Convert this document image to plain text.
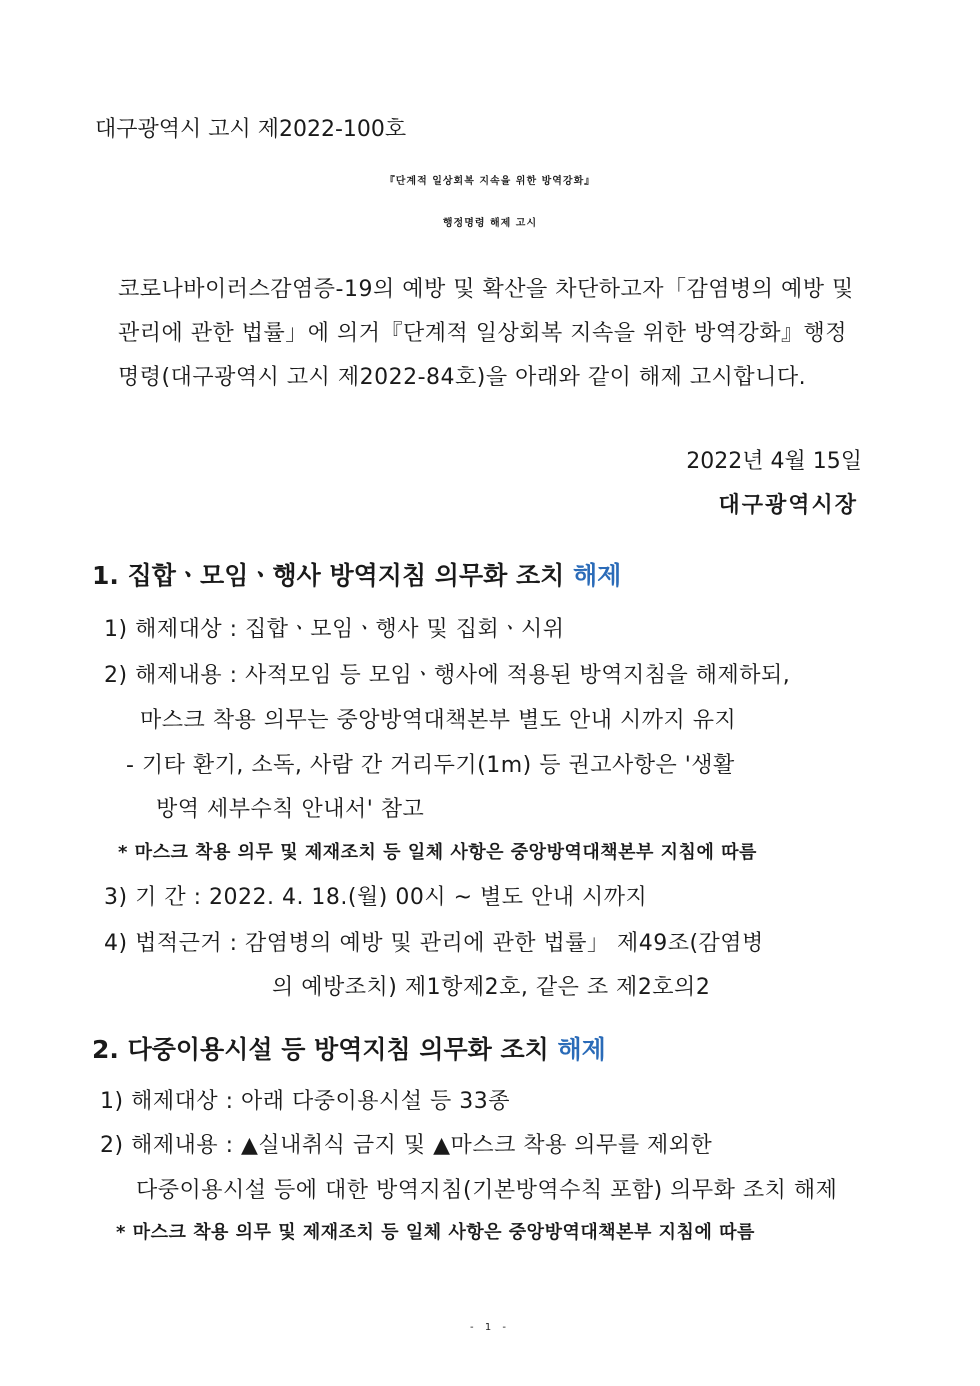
대구광역시 고시 제2022-100호
『단계적 일상회복 지속을 위한 방역강화』
행정명령 해제 고시
코로나바이러스감염증-19의 예방 및 확산을 차단하고자「감염병의 예방 및
관리에 관한 법률」에 의거『단계적 일상회복 지속을 위한 방역강화』행정
명령(대구광역시 고시 제2022-84호)을 아래와 같이 해제 고시합니다.
2022년 4월 15일
대구광역시장
1. 집합ㆍ모임ㆍ행사 방역지침 의무화 조치 해제
1) 해제대상 : 집합ㆍ모임ㆍ행사 및 집회ㆍ시위
2) 해제내용 : 사적모임 등 모임ㆍ행사에 적용된 방역지침을 해제하되,
마스크 착용 의무는 중앙방역대책본부 별도 안내 시까지 유지
- 기타 환기, 소독, 사람 간 거리두기(1m) 등 권고사항은 '생활
방역 세부수칙 안내서' 참고
* 마스크 착용 의무 및 제재조치 등 일체 사항은 중앙방역대책본부 지침에 따름
3) 기 간 : 2022. 4. 18.(월) 00시 ~ 별도 안내 시까지
4) 법적근거 : 감염병의 예방 및 관리에 관한 법률」 제49조(감염병
의 예방조치) 제1항제2호, 같은 조 제2호의2
2. 다중이용시설 등 방역지침 의무화 조치 해제
1) 해제대상 : 아래 다중이용시설 등 33종
2) 해제내용 : ▲실내취식 금지 및 ▲마스크 착용 의무를 제외한
다중이용시설 등에 대한 방역지침(기본방역수칙 포함) 의무화 조치 해제
* 마스크 착용 의무 및 제재조치 등 일체 사항은 중앙방역대책본부 지침에 따름
- 1 -
